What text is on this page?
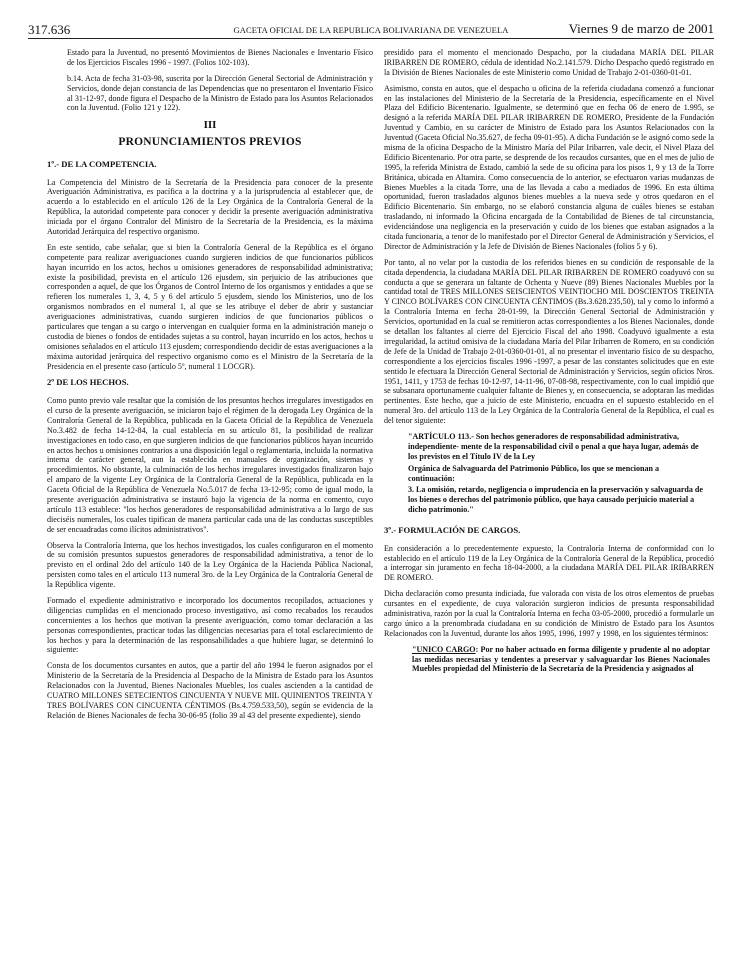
317.636	GACETA OFICIAL DE LA REPUBLICA BOLIVARIANA DE VENEZUELA	Viernes 9 de marzo de 2001

Estado para la Juventud, no presentó Movimientos de Bienes Nacionales e Inventario Físico de los Ejercicios Fiscales 1996 - 1997. (Folios 102-103).

b.14. Acta de fecha 31-03-98, suscrita por la Dirección General Sectorial de Administración y Servicios, donde dejan constancia de las Dependencias que no presentaron el Inventario Físico al 31-12-97, donde figura el Despacho de la Ministro de Estado para los Asuntos Relacionados con la Juventud. (Folio 121 y 122).

III
PRONUNCIAMIENTOS PREVIOS
1º.- DE LA COMPETENCIA.

La Competencia del Ministro de la Secretaría de la Presidencia para conocer de la presente Averiguación Administrativa, es pacífica a la doctrina y a la jurisprudencia al establecer que, de acuerdo a lo establecido en el artículo 126 de la Ley Orgánica de la Contraloría General de la República, la autoridad competente para conocer y decidir la presente averiguación administrativa iniciada por el órgano Contralor del Ministro de la Secretaría de la Presidencia, es la máxima Autoridad Jerárquica del respectivo organismo.

En este sentido, cabe señalar, que si bien la Contraloría General de la República es el órgano competente para realizar averiguaciones cuando surgieren indicios de que funcionarios públicos hayan incurrido en los actos, hechos u omisiones generadores de responsabilidad administrativa; existe la posibilidad, prevista en el artículo 126 ejusdem, sin perjuicio de las atribuciones que corresponden a aquel, de que los Órganos de Control Interno de los organismos y entidades a que se refieren los numerales 1, 3, 4, 5 y 6 del artículo 5 ejusdem, siendo los Ministerios, uno de los organismos nombrados en el numeral 1, al que se les atribuye el deber de abrir y sustanciar averiguaciones administrativas, cuando surgieren indicios de que funcionarios públicos o particulares que tengan a su cargo o intervengan en cualquier forma en la administración manejo o custodia de bienes o fondos de entidades sujetas a su control, hayan incurrido en los actos, hechos u omisiones señalados en el artículo 113 ejusdem; correspondiendo decidir de estas averiguaciones a la máxima autoridad jerárquica del respectivo organismo como es el Ministro de la Secretaría de la Presidencia en el presente caso (artículo 5º, numeral 1 LOCGR).

2º DE LOS HECHOS.

Como punto previo vale resaltar que la comisión de los presuntos hechos irregulares investigados en el curso de la presente averiguación, se iniciaron bajo el régimen de la derogada Ley Orgánica de la Contraloría General de la República, publicada en la Gaceta Oficial de la República de Venezuela No.3.482 de fecha 14-12-84, la cual establecía en su artículo 81, la posibilidad de realizar investigaciones en todo caso, en que surgieren indicios de que funcionarios públicos hayan incurrido en actos hechos u omisiones contrarios a una disposición legal o reglamentaria, incluida la normativa interna de carácter general, aun la establecida en manuales de organización, sistemas y procedimientos. No obstante, la culminación de los hechos irregulares investigados finalizaron bajo el amparo de la vigente Ley Orgánica de la Contraloría General de la República, publicada en la Gaceta Oficial de la República de Venezuela No.5.017 de fecha 13-12-95; como de igual modo, la presente averiguación administrativa se instauró bajo la vigencia de la norma en comento, cuyo artículo 113 establece: "los hechos generadores de responsabilidad administrativa a lo largo de sus dieciséis numerales, los cuales tipifican de manera particular cada una de las conductas susceptibles de ser encuadradas como ilícitos administrativos".

Observa la Contraloría Interna, que los hechos investigados, los cuales configuraron en el momento de su comisión presuntos supuestos generadores de responsabilidad administrativa, a tenor de lo previsto en el ordinal 2do del artículo 140 de la Ley Orgánica de la Hacienda Pública Nacional, persisten como tales en el artículo 113 numeral 3ro. de la Ley Orgánica de la Contraloría General de la República vigente.

Formado el expediente administrativo e incorporado los documentos recopilados, actuaciones y diligencias cumplidas en el mencionado proceso investigativo, así como recabados los recaudos concernientes a los hechos que motivan la presente averiguación, como tomar declaración a las personas correspondientes, practicar todas las diligencias necesarias para el total esclarecimiento de los hechos y para la determinación de las responsabilidades a que hubiere lugar, se determinó lo siguiente:

Consta de los documentos cursantes en autos, que a partir del año 1994 le fueron asignados por el Ministerio de la Secretaría de la Presidencia al Despacho de la Ministra de Estado para los Asuntos Relacionados con la Juventud, Bienes Nacionales Muebles, los cuales ascienden a la cantidad de CUATRO MILLONES SETECIENTOS CINCUENTA Y NUEVE MIL QUINIENTOS TREINTA Y TRES BOLÍVARES CON CINCUENTA CÉNTIMOS (Bs.4.759.533,50), según se evidencia de la Relación de Bienes Nacionales de fecha 30-06-95 (folio 39 al 43 del presente expediente), siendo

presidido para el momento el mencionado Despacho, por la ciudadana MARÍA DEL PILAR IRIBARREN DE ROMERO, cédula de identidad No.2.141.579. Dicho Despacho quedó registrado en la División de Bienes Nacionales de este Ministerio como Unidad de Trabajo 2-01-0360-01-01.

Asimismo, consta en autos, que el despacho u oficina de la referida ciudadana comenzó a funcionar en las instalaciones del Ministerio de la Secretaría de la Presidencia, específicamente en el Nivel Plaza del Edificio Bicentenario. Igualmente, se determinó que en fecha 06 de enero de 1.995, se designó a la referida MARÍA DEL PILAR IRIBARREN DE ROMERO, Presidente de la Fundación Juventud y Cambio, en su carácter de Ministro de Estado para los Asuntos Relacionados con la Juventud (Gaceta Oficial No.35.627, de fecha 09-01-95). A dicha Fundación se le asignó como sede la misma de la oficina Despacho de la Ministro María del Pilar Iribarren, vale decir, el Nivel Plaza del Edificio Bicentenario. Por otra parte, se desprende de los recaudos cursantes, que en el mes de julio de 1995, la referida Ministra de Estado, cambió la sede de su oficina para los pisos 1, 9 y 13 de la Torre Británica, ubicada en Altamira. Como consecuencia de lo anterior, se efectuaron varias mudanzas de Bienes Muebles a la citada Torre, una de las llevada a cabo a mediados de 1996. En esta última oportunidad, fueron trasladados algunos bienes muebles a la nueva sede y otros quedaron en el Edificio Bicentenario. Sin embargo, no se elaboró constancia alguna de cuáles bienes se estaban trasladando, ni informado la Oficina encargada de la Contabilidad de Bienes de tal circunstancia, evidenciándose una negligencia en la preservación y cuido de los bienes que estaban asignados a la citada funcionaria, a tenor de lo manifestado por el Director General de Administración y Servicios, el Director de Administración y la Jefe de División de Bienes Nacionales (folios 5 y 6).

Por tanto, al no velar por la custodia de los referidos bienes en su condición de responsable de la citada dependencia, la ciudadana MARÍA DEL PILAR IRIBARREN DE ROMERO coadyuvó con su conducta a que se generara un faltante de Ochenta y Nueve (89) Bienes Nacionales Muebles por la cantidad total de TRES MILLONES SEISCIENTOS VEINTIOCHO MIL DOSCIENTOS TREINTA Y CINCO BOLÍVARES CON CINCUENTA CÉNTIMOS (Bs.3.628.235,50), tal y como lo informó a la Contraloría Interna en fecha 28-01-99, la Dirección General Sectorial de Administración y Servicios, oportunidad en la cual se remitieron actas correspondientes a los Bienes Nacionales, donde se detallan los faltantes al cierre del Ejercicio Fiscal del año 1998. Coadyuvó igualmente a esta irregularidad, la actitud omisiva de la ciudadana María del Pilar Iribarren de Romero, en su condición de Jefe de la Unidad de Trabajo 2-01-0360-01-01, al no presentar el inventario físico de su despacho, correspondiente a los ejercicios fiscales 1996 -1997, a pesar de las constantes solicitudes que en este sentido le efectuara la Dirección General Sectorial de Administración y Servicios, según oficios Nros. 1951, 1411, y 1753 de fechas 10-12-97, 14-11-96, 07-08-98, respectivamente, con lo cual impidió que se subsanara oportunamente cualquier faltante de Bienes y, en consecuencia, se adoptaran las medidas pertinentes. Este hecho, que a juicio de este Ministerio, encuadra en el supuesto establecido en el numeral 3ro. del artículo 113 de la Ley Orgánica de la Contraloría General de la República, el cual es del tenor siguiente:

"ARTÍCULO 113.- Son hechos generadores de responsabilidad administrativa, independiente- mente de la responsabilidad civil o penal a que haya lugar, además de los previstos en el Título IV de la Ley

Orgánica de Salvaguarda del Patrimonio Público, los que se mencionan a continuación:

3. La omisión, retardo, negligencia o imprudencia en la preservación y salvaguarda de los bienes o derechos del patrimonio público, que haya causado perjuicio material a dicho patrimonio."

3º.- FORMULACIÓN DE CARGOS.

En consideración a lo precedentemente expuesto, la Contraloría Interna de conformidad con lo establecido en el artículo 119 de la Ley Orgánica de la Contraloría General de la República, procedió a interrogar sin juramento en fecha 18-04-2000, a la ciudadana MARÍA DEL PILAR IRIBARREN DE ROMERO.

Dicha declaración como presunta indiciada, fue valorada con vista de los otros elementos de pruebas cursantes en el expediente, de cuya valoración surgieron indicios de presunta responsabilidad administrativa, razón por la cual la Contraloría Interna en fecha 03-05-2000, procedió a formularle un cargo único a la prenombrada ciudadana en su condición de Ministro de Estado para los Asuntos Relacionados con la Juventud, durante los años 1995, 1996, 1997 y 1998, en los siguientes términos:

"UNICO CARGO: Por no haber actuado en forma diligente y prudente al no adoptar las medidas necesarias y tendentes a preservar y salvaguardar los Bienes Nacionales Muebles propiedad del Ministerio de la Secretaría de la Presidencia y asignados al
